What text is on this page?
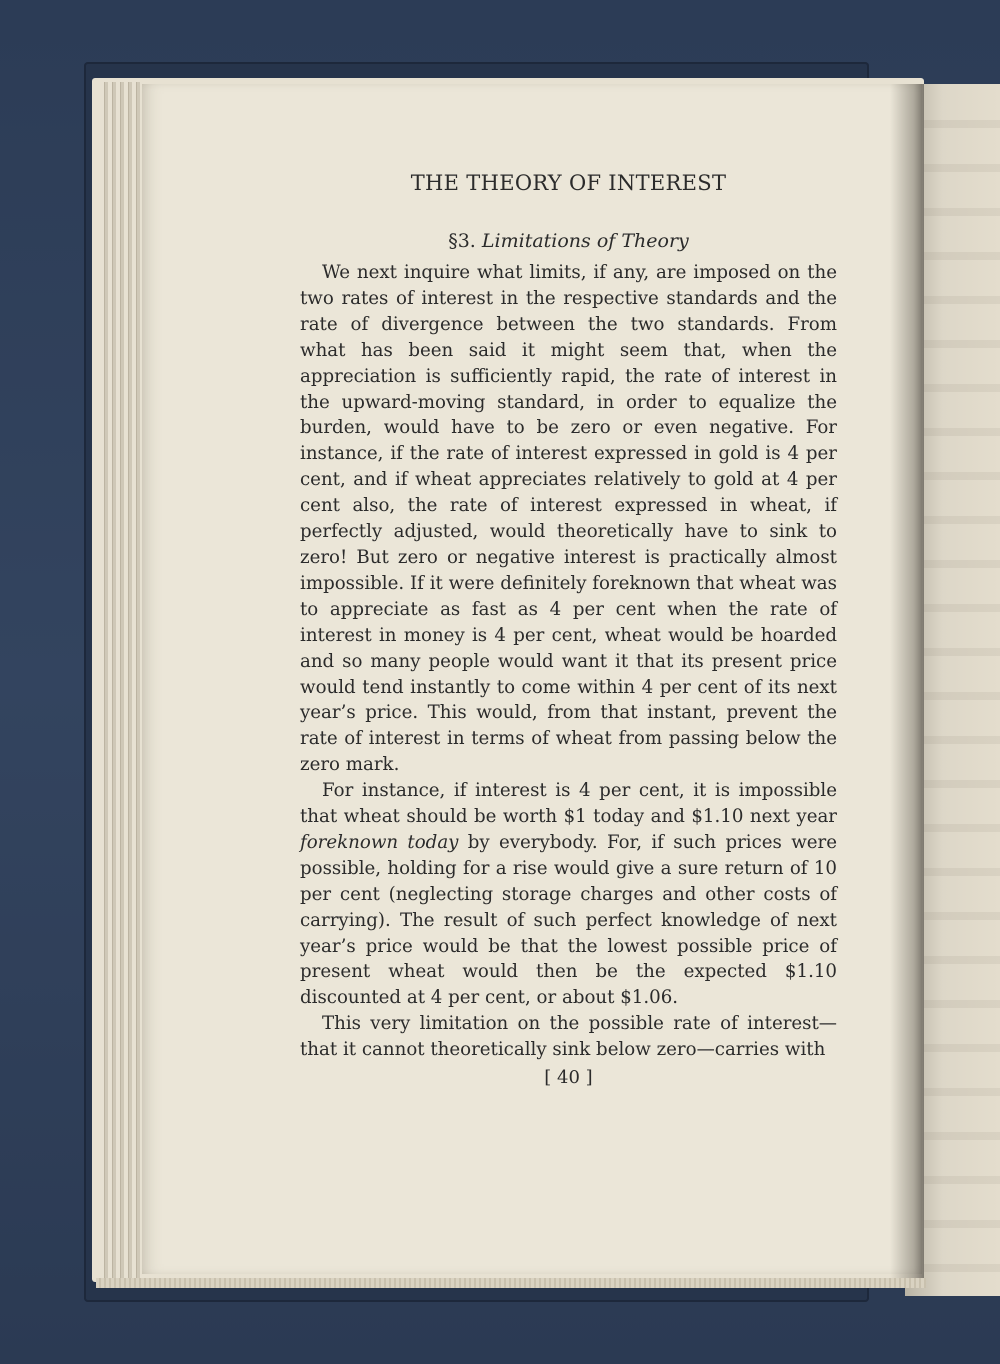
THE THEORY OF INTEREST
§3. Limitations of Theory

We next inquire what limits, if any, are imposed on the two rates of interest in the respective standards and the rate of divergence between the two standards. From what has been said it might seem that, when the appreciation is sufficiently rapid, the rate of interest in the upward-moving standard, in order to equalize the burden, would have to be zero or even negative. For instance, if the rate of interest expressed in gold is 4 per cent, and if wheat appreciates relatively to gold at 4 per cent also, the rate of interest expressed in wheat, if perfectly adjusted, would theoretically have to sink to zero! But zero or negative interest is practically almost impossible. If it were definitely foreknown that wheat was to appreciate as fast as 4 per cent when the rate of interest in money is 4 per cent, wheat would be hoarded and so many people would want it that its present price would tend instantly to come within 4 per cent of its next year’s price. This would, from that instant, prevent the rate of interest in terms of wheat from passing below the zero mark.

For instance, if interest is 4 per cent, it is impossible that wheat should be worth $1 today and $1.10 next year foreknown today by everybody. For, if such prices were possible, holding for a rise would give a sure return of 10 per cent (neglecting storage charges and other costs of carrying). The result of such perfect knowledge of next year’s price would be that the lowest possible price of present wheat would then be the expected $1.10 discounted at 4 per cent, or about $1.06.

This very limitation on the possible rate of interest—that it cannot theoretically sink below zero—carries with

[ 40 ]
